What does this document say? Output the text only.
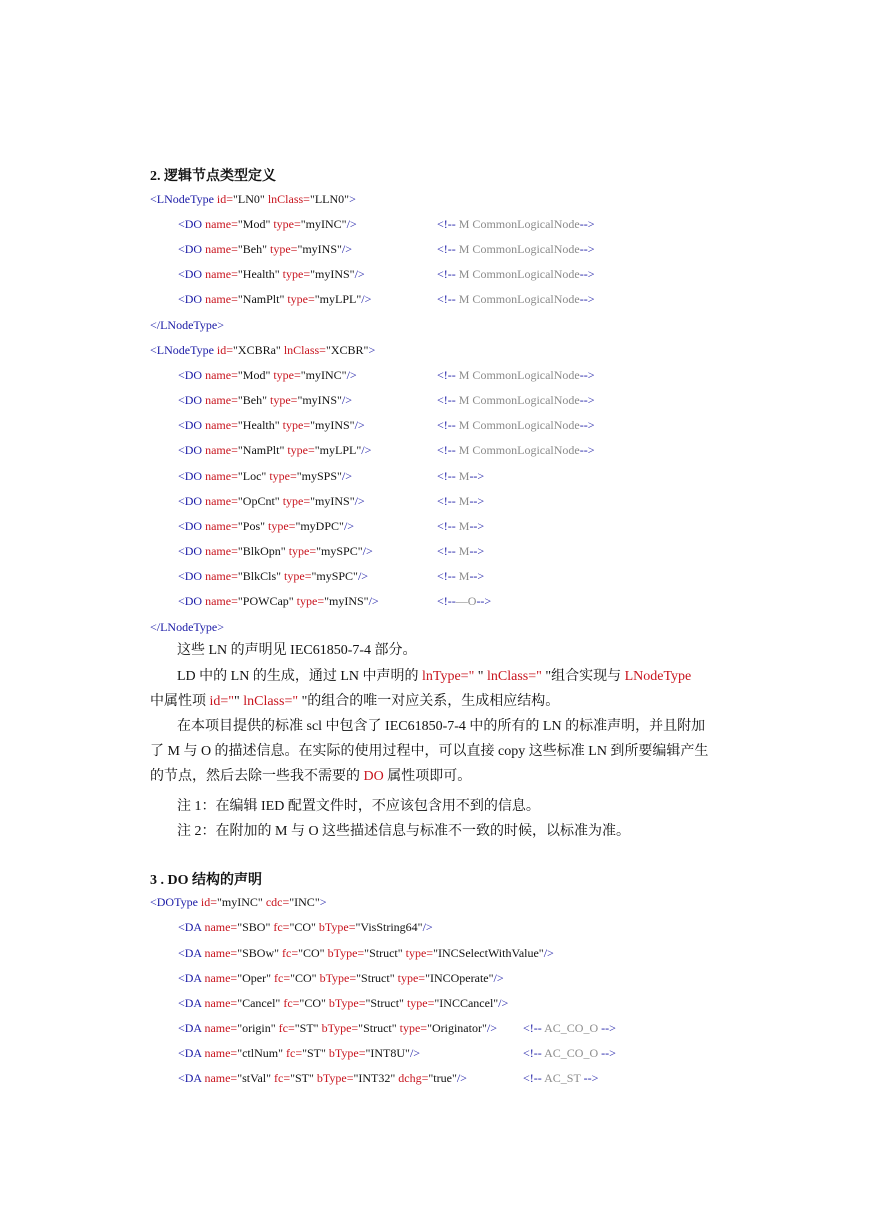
2. 逻辑节点类型定义
<LNodeType id="LN0" lnClass="LLN0">
<DO name="Mod" type="myINC"/>	<!-- M CommonLogicalNode-->
<DO name="Beh" type="myINS"/>	<!-- M CommonLogicalNode-->
<DO name="Health" type="myINS"/>	<!-- M CommonLogicalNode-->
<DO name="NamPlt" type="myLPL"/>	<!-- M CommonLogicalNode-->
</LNodeType>
<LNodeType id="XCBRa" lnClass="XCBR">
<DO name="Mod" type="myINC"/>	<!-- M CommonLogicalNode-->
<DO name="Beh" type="myINS"/>	<!-- M CommonLogicalNode-->
<DO name="Health" type="myINS"/>	<!-- M CommonLogicalNode-->
<DO name="NamPlt" type="myLPL"/>	<!-- M CommonLogicalNode-->
<DO name="Loc" type="mySPS"/>	<!-- M-->
<DO name="OpCnt" type="myINS"/>	<!-- M-->
<DO name="Pos" type="myDPC"/>	<!-- M-->
<DO name="BlkOpn" type="mySPC"/>	<!-- M-->
<DO name="BlkCls" type="mySPC"/>	<!-- M-->
<DO name="POWCap" type="myINS"/>	<!--—O-->
</LNodeType>
这些 LN 的声明见 IEC61850-7-4 部分。
LD 中的 LN 的生成，通过 LN 中声明的 lnType=" " lnClass=" "组合实现与 LNodeType
中属性项 id="" lnClass=" "的组合的唯一对应关系，生成相应结构。
在本项目提供的标准 scl 中包含了 IEC61850-7-4 中的所有的 LN 的标准声明，并且附加
了 M 与 O 的描述信息。在实际的使用过程中，可以直接 copy 这些标准 LN 到所要编辑产生
的节点，然后去除一些我不需要的 DO 属性项即可。
注 1：在编辑 IED 配置文件时，不应该包含用不到的信息。
注 2：在附加的 M 与 O 这些描述信息与标准不一致的时候，以标准为准。
3 . DO 结构的声明
<DOType id="myINC" cdc="INC">
<DA name="SBO" fc="CO" bType="VisString64"/>
<DA name="SBOw" fc="CO" bType="Struct" type="INCSelectWithValue"/>
<DA name="Oper" fc="CO" bType="Struct" type="INCOperate"/>
<DA name="Cancel" fc="CO" bType="Struct" type="INCCancel"/>
<DA name="origin" fc="ST" bType="Struct" type="Originator"/> <!-- AC_CO_O -->
<DA name="ctlNum" fc="ST" bType="INT8U"/>	<!-- AC_CO_O -->
<DA name="stVal" fc="ST" bType="INT32" dchg="true"/>	<!-- AC_ST -->
